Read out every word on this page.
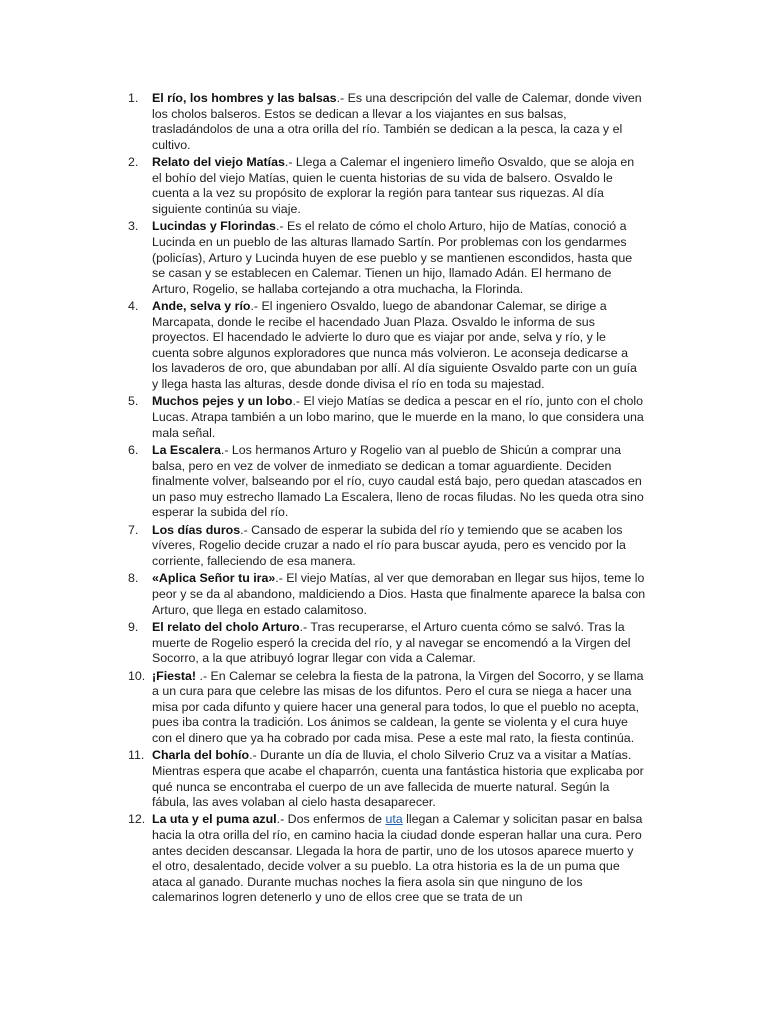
1. El río, los hombres y las balsas.- Es una descripción del valle de Calemar, donde viven los cholos balseros. Estos se dedican a llevar a los viajantes en sus balsas, trasladándolos de una a otra orilla del río. También se dedican a la pesca, la caza y el cultivo.
2. Relato del viejo Matías.- Llega a Calemar el ingeniero limeño Osvaldo, que se aloja en el bohío del viejo Matías, quien le cuenta historias de su vida de balsero. Osvaldo le cuenta a la vez su propósito de explorar la región para tantear sus riquezas. Al día siguiente continúa su viaje.
3. Lucindas y Florindas.- Es el relato de cómo el cholo Arturo, hijo de Matías, conoció a Lucinda en un pueblo de las alturas llamado Sartín. Por problemas con los gendarmes (policías), Arturo y Lucinda huyen de ese pueblo y se mantienen escondidos, hasta que se casan y se establecen en Calemar. Tienen un hijo, llamado Adán. El hermano de Arturo, Rogelio, se hallaba cortejando a otra muchacha, la Florinda.
4. Ande, selva y río.- El ingeniero Osvaldo, luego de abandonar Calemar, se dirige a Marcapata, donde le recibe el hacendado Juan Plaza. Osvaldo le informa de sus proyectos. El hacendado le advierte lo duro que es viajar por ande, selva y río, y le cuenta sobre algunos exploradores que nunca más volvieron. Le aconseja dedicarse a los lavaderos de oro, que abundaban por allí. Al día siguiente Osvaldo parte con un guía y llega hasta las alturas, desde donde divisa el río en toda su majestad.
5. Muchos pejes y un lobo.- El viejo Matías se dedica a pescar en el río, junto con el cholo Lucas. Atrapa también a un lobo marino, que le muerde en la mano, lo que considera una mala señal.
6. La Escalera.- Los hermanos Arturo y Rogelio van al pueblo de Shicún a comprar una balsa, pero en vez de volver de inmediato se dedican a tomar aguardiente. Deciden finalmente volver, balseando por el río, cuyo caudal está bajo, pero quedan atascados en un paso muy estrecho llamado La Escalera, lleno de rocas filudas. No les queda otra sino esperar la subida del río.
7. Los días duros.- Cansado de esperar la subida del río y temiendo que se acaben los víveres, Rogelio decide cruzar a nado el río para buscar ayuda, pero es vencido por la corriente, falleciendo de esa manera.
8. «Aplica Señor tu ira».- El viejo Matías, al ver que demoraban en llegar sus hijos, teme lo peor y se da al abandono, maldiciendo a Dios. Hasta que finalmente aparece la balsa con Arturo, que llega en estado calamitoso.
9. El relato del cholo Arturo.- Tras recuperarse, el Arturo cuenta cómo se salvó. Tras la muerte de Rogelio esperó la crecida del río, y al navegar se encomendó a la Virgen del Socorro, a la que atribuyó lograr llegar con vida a Calemar.
10. ¡Fiesta! .- En Calemar se celebra la fiesta de la patrona, la Virgen del Socorro, y se llama a un cura para que celebre las misas de los difuntos. Pero el cura se niega a hacer una misa por cada difunto y quiere hacer una general para todos, lo que el pueblo no acepta, pues iba contra la tradición. Los ánimos se caldean, la gente se violenta y el cura huye con el dinero que ya ha cobrado por cada misa. Pese a este mal rato, la fiesta continúa.
11. Charla del bohío.- Durante un día de lluvia, el cholo Silverio Cruz va a visitar a Matías. Mientras espera que acabe el chaparrón, cuenta una fantástica historia que explicaba por qué nunca se encontraba el cuerpo de un ave fallecida de muerte natural. Según la fábula, las aves volaban al cielo hasta desaparecer.
12. La uta y el puma azul.- Dos enfermos de uta llegan a Calemar y solicitan pasar en balsa hacia la otra orilla del río, en camino hacia la ciudad donde esperan hallar una cura. Pero antes deciden descansar. Llegada la hora de partir, uno de los utosos aparece muerto y el otro, desalentado, decide volver a su pueblo. La otra historia es la de un puma que ataca al ganado. Durante muchas noches la fiera asola sin que ninguno de los calemarinos logren detenerlo y uno de ellos cree que se trata de un
